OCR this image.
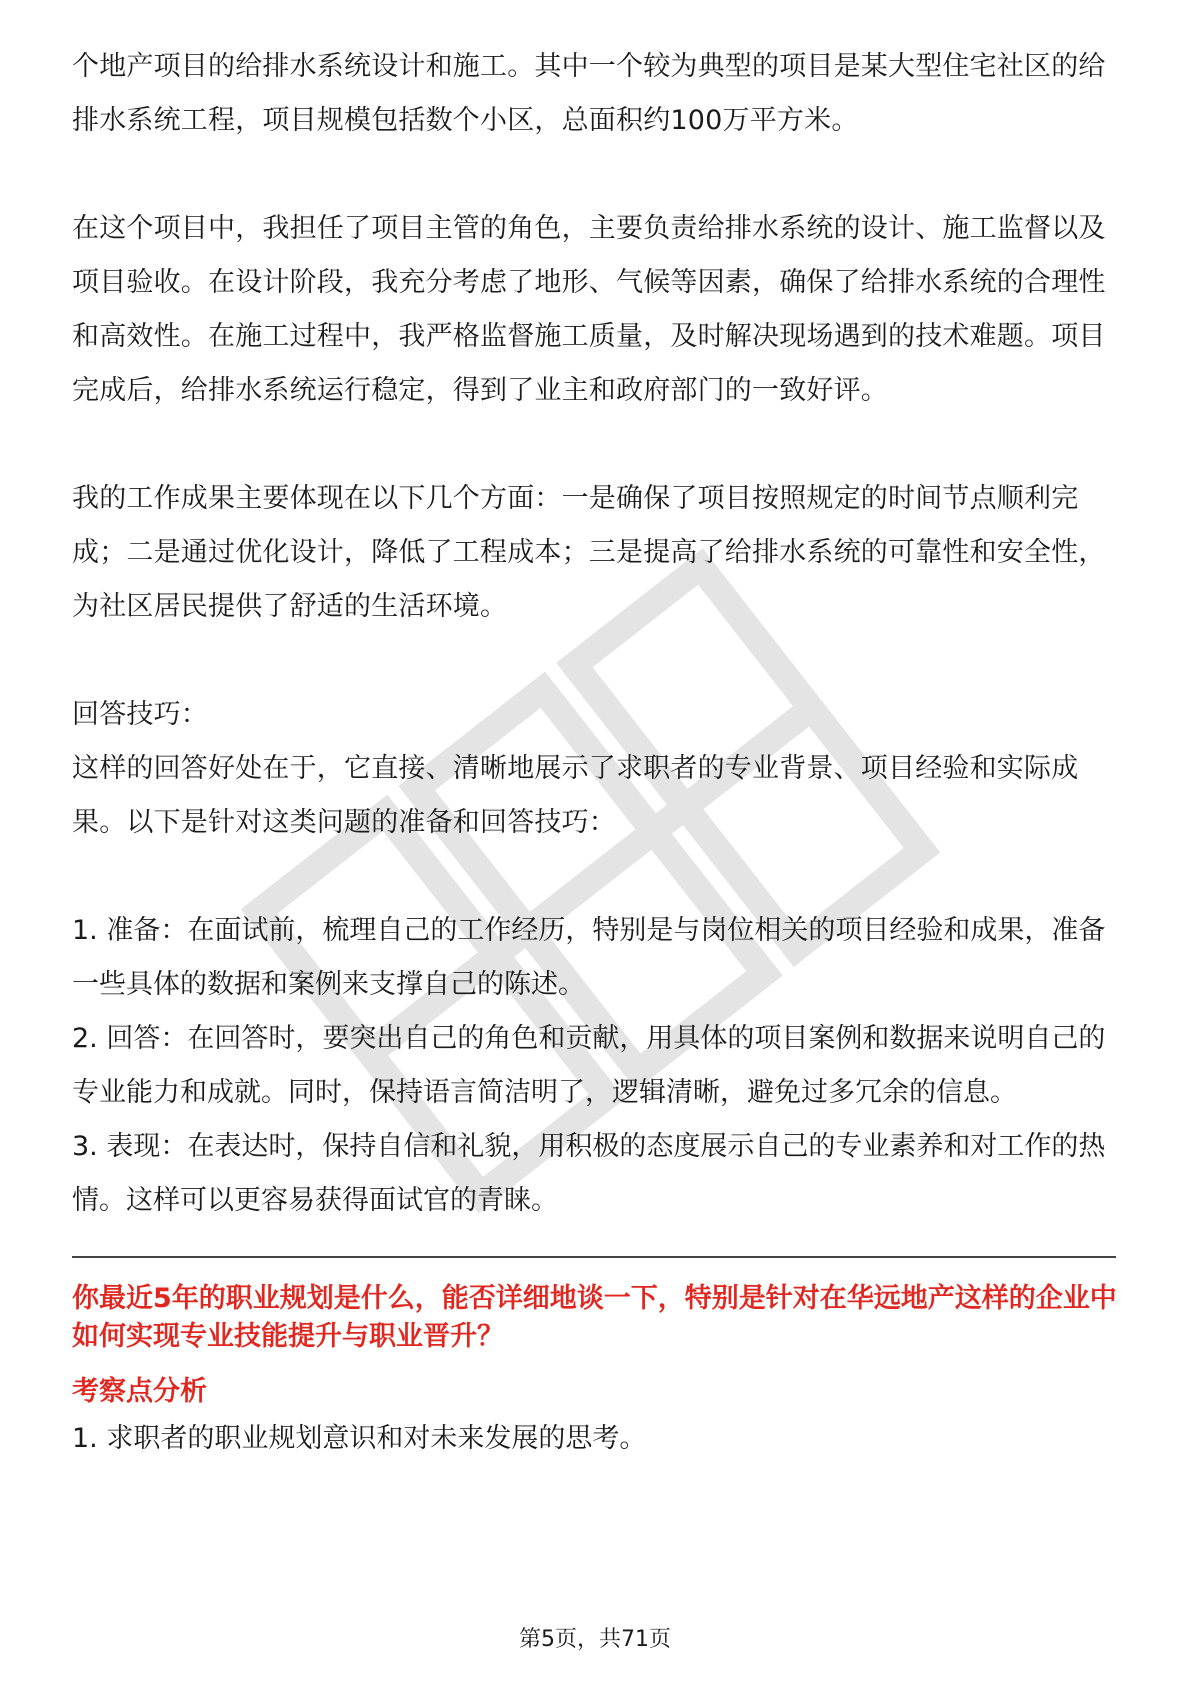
个地产项目的给排水系统设计和施工。其中一个较为典型的项目是某大型住宅社区的给排水系统工程，项目规模包括数个小区，总面积约100万平方米。

在这个项目中，我担任了项目主管的角色，主要负责给排水系统的设计、施工监督以及项目验收。在设计阶段，我充分考虑了地形、气候等因素，确保了给排水系统的合理性和高效性。在施工过程中，我严格监督施工质量，及时解决现场遇到的技术难题。项目完成后，给排水系统运行稳定，得到了业主和政府部门的一致好评。

我的工作成果主要体现在以下几个方面：一是确保了项目按照规定的时间节点顺利完成；二是通过优化设计，降低了工程成本；三是提高了给排水系统的可靠性和安全性，为社区居民提供了舒适的生活环境。

回答技巧：

这样的回答好处在于，它直接、清晰地展示了求职者的专业背景、项目经验和实际成果。以下是针对这类问题的准备和回答技巧：

1. 准备：在面试前，梳理自己的工作经历，特别是与岗位相关的项目经验和成果，准备一些具体的数据和案例来支撑自己的陈述。

2. 回答：在回答时，要突出自己的角色和贡献，用具体的项目案例和数据来说明自己的专业能力和成就。同时，保持语言简洁明了，逻辑清晰，避免过多冗余的信息。

3. 表现：在表达时，保持自信和礼貌，用积极的态度展示自己的专业素养和对工作的热情。这样可以更容易获得面试官的青睐。

你最近5年的职业规划是什么，能否详细地谈一下，特别是针对在华远地产这样的企业中如何实现专业技能提升与职业晋升？
考察点分析

1. 求职者的职业规划意识和对未来发展的思考。

第5页，共71页
